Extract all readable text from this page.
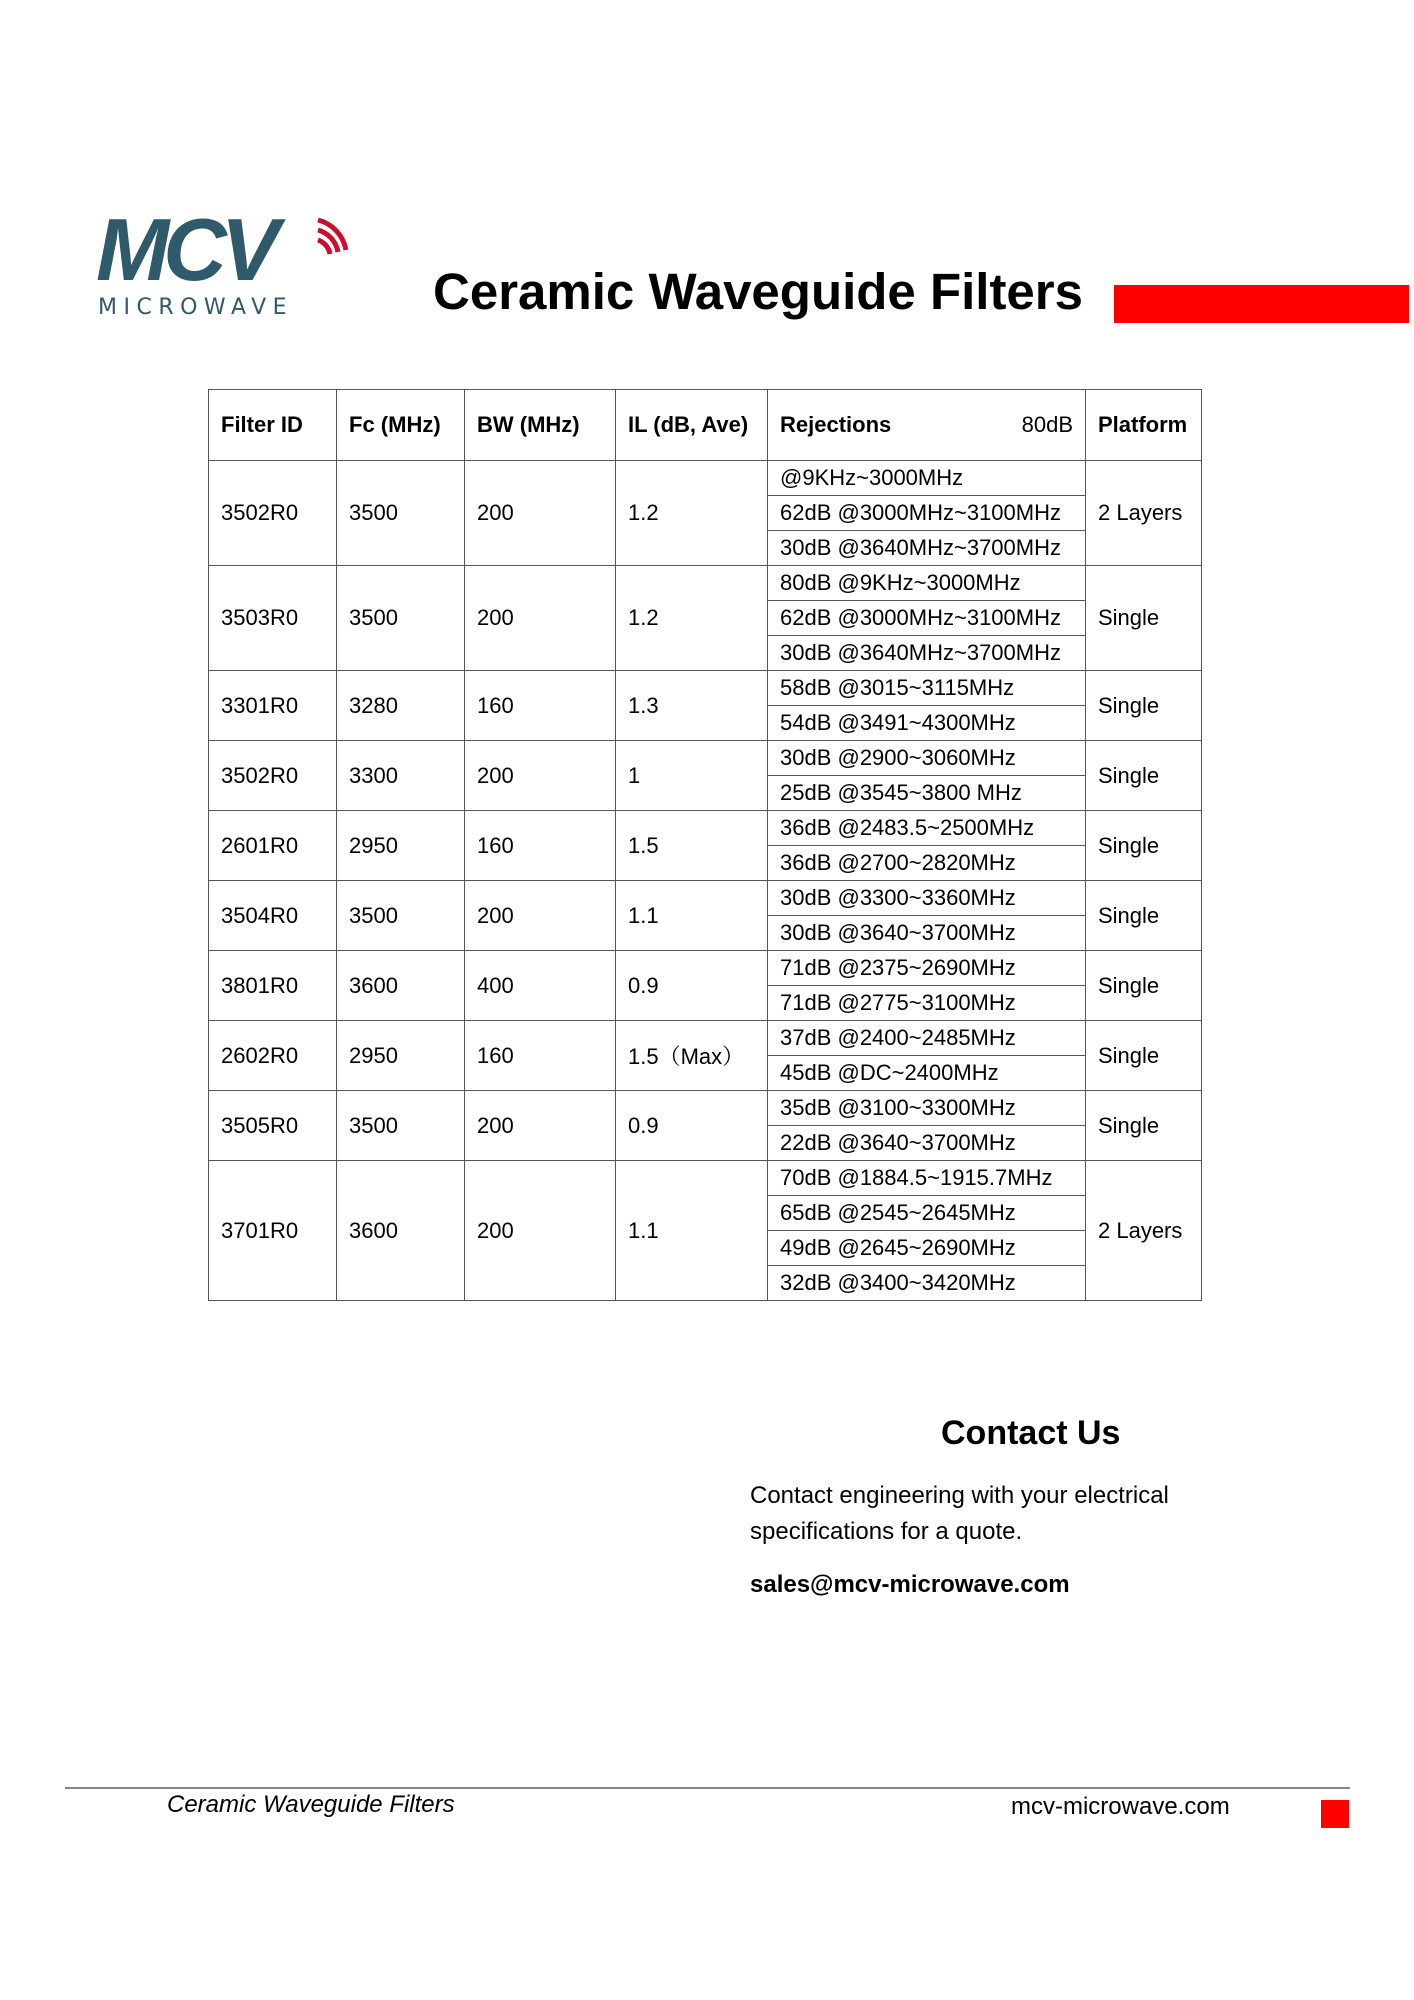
MCV
MICROWAVE	Ceramic Waveguide Filters
Filter ID	Fc (MHz)	BW (MHz)	IL (dB, Ave)	Rejections 80dB	Platform
3502R0	3500	200	1.2	@9KHz~3000MHz
62dB @3000MHz~3100MHz
30dB @3640MHz~3700MHz	2 Layers
3503R0	3500	200	1.2	80dB @9KHz~3000MHz
62dB @3000MHz~3100MHz
30dB @3640MHz~3700MHz	Single
3301R0	3280	160	1.3	58dB @3015~3115MHz
54dB @3491~4300MHz	Single
3502R0	3300	200	1	30dB @2900~3060MHz
25dB @3545~3800 MHz	Single
2601R0	2950	160	1.5	36dB @2483.5~2500MHz
36dB @2700~2820MHz	Single
3504R0	3500	200	1.1	30dB @3300~3360MHz
30dB @3640~3700MHz	Single
3801R0	3600	400	0.9	71dB @2375~2690MHz
71dB @2775~3100MHz	Single
2602R0	2950	160	1.5（Max）	37dB @2400~2485MHz
45dB @DC~2400MHz	Single
3505R0	3500	200	0.9	35dB @3100~3300MHz
22dB @3640~3700MHz	Single
3701R0	3600	200	1.1	70dB @1884.5~1915.7MHz
65dB @2545~2645MHz
49dB @2645~2690MHz
32dB @3400~3420MHz	2 Layers
Contact Us
Contact engineering with your electrical specifications for a quote.
sales@mcv-microwave.com
Ceramic Waveguide Filters	mcv-microwave.com
